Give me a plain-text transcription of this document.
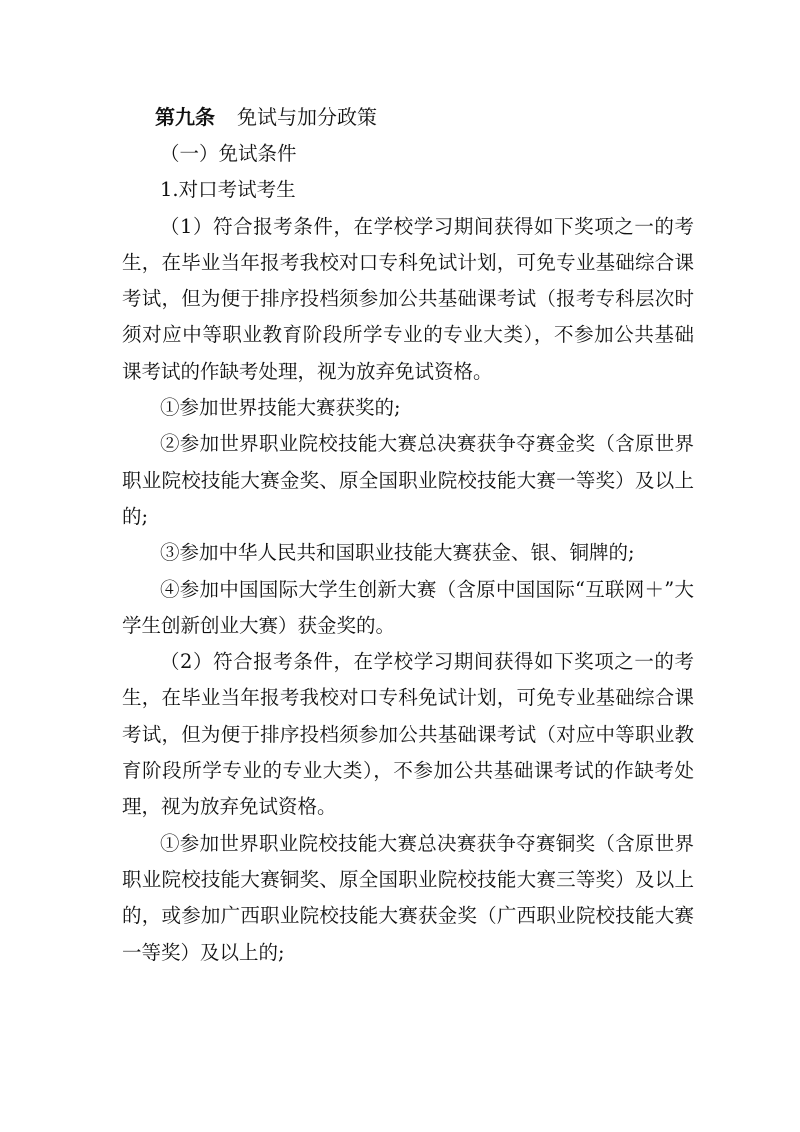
第九条 免试与加分政策

（一）免试条件

1.对口考试考生

（1）符合报考条件，在学校学习期间获得如下奖项之一的考生，在毕业当年报考我校对口专科免试计划，可免专业基础综合课考试，但为便于排序投档须参加公共基础课考试（报考专科层次时须对应中等职业教育阶段所学专业的专业大类），不参加公共基础课考试的作缺考处理，视为放弃免试资格。

①参加世界技能大赛获奖的;

②参加世界职业院校技能大赛总决赛获争夺赛金奖（含原世界职业院校技能大赛金奖、原全国职业院校技能大赛一等奖）及以上的;

③参加中华人民共和国职业技能大赛获金、银、铜牌的;

④参加中国国际大学生创新大赛（含原中国国际“互联网＋”大学生创新创业大赛）获金奖的。

（2）符合报考条件，在学校学习期间获得如下奖项之一的考生，在毕业当年报考我校对口专科免试计划，可免专业基础综合课考试，但为便于排序投档须参加公共基础课考试（对应中等职业教育阶段所学专业的专业大类），不参加公共基础课考试的作缺考处理，视为放弃免试资格。

①参加世界职业院校技能大赛总决赛获争夺赛铜奖（含原世界职业院校技能大赛铜奖、原全国职业院校技能大赛三等奖）及以上的，或参加广西职业院校技能大赛获金奖（广西职业院校技能大赛一等奖）及以上的;
